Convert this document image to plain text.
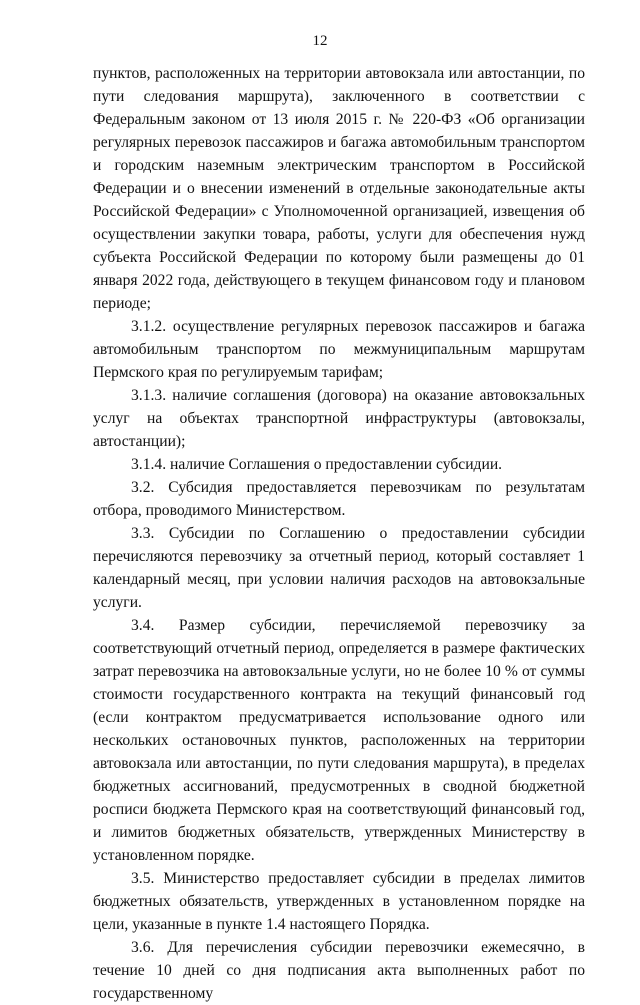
12

пунктов, расположенных на территории автовокзала или автостанции, по пути следования маршрута), заключенного в соответствии с Федеральным законом от 13 июля 2015 г. № 220-ФЗ «Об организации регулярных перевозок пассажиров и багажа автомобильным транспортом и городским наземным электрическим транспортом в Российской Федерации и о внесении изменений в отдельные законодательные акты Российской Федерации» с Уполномоченной организацией, извещения об осуществлении закупки товара, работы, услуги для обеспечения нужд субъекта Российской Федерации по которому были размещены до 01 января 2022 года, действующего в текущем финансовом году и плановом периоде;

3.1.2. осуществление регулярных перевозок пассажиров и багажа автомобильным транспортом по межмуниципальным маршрутам Пермского края по регулируемым тарифам;

3.1.3. наличие соглашения (договора) на оказание автовокзальных услуг на объектах транспортной инфраструктуры (автовокзалы, автостанции);

3.1.4. наличие Соглашения о предоставлении субсидии.

3.2. Субсидия предоставляется перевозчикам по результатам отбора, проводимого Министерством.

3.3. Субсидии по Соглашению о предоставлении субсидии перечисляются перевозчику за отчетный период, который составляет 1 календарный месяц, при условии наличия расходов на автовокзальные услуги.

3.4. Размер субсидии, перечисляемой перевозчику за соответствующий отчетный период, определяется в размере фактических затрат перевозчика на автовокзальные услуги, но не более 10 % от суммы стоимости государственного контракта на текущий финансовый год (если контрактом предусматривается использование одного или нескольких остановочных пунктов, расположенных на территории автовокзала или автостанции, по пути следования маршрута), в пределах бюджетных ассигнований, предусмотренных в сводной бюджетной росписи бюджета Пермского края на соответствующий финансовый год, и лимитов бюджетных обязательств, утвержденных Министерству в установленном порядке.

3.5. Министерство предоставляет субсидии в пределах лимитов бюджетных обязательств, утвержденных в установленном порядке на цели, указанные в пункте 1.4 настоящего Порядка.

3.6. Для перечисления субсидии перевозчики ежемесячно, в течение 10 дней со дня подписания акта выполненных работ по государственному
